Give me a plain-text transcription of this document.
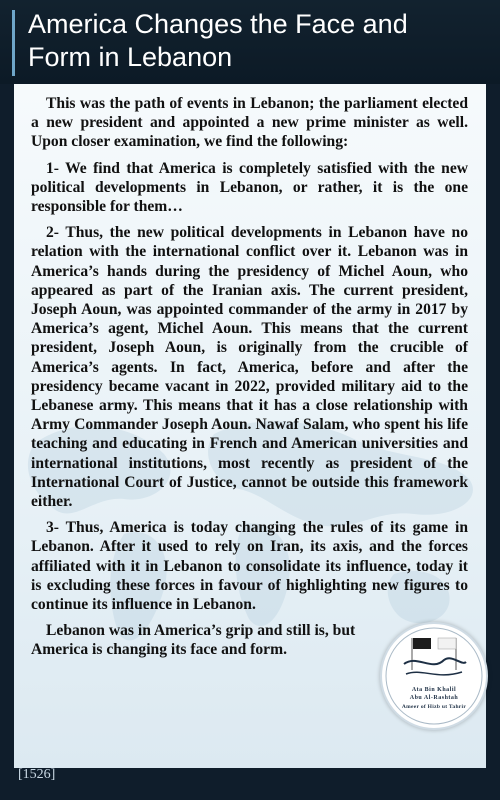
America Changes the Face and Form in Lebanon

This was the path of events in Lebanon; the parliament elected a new president and appointed a new prime minister as well. Upon closer examination, we find the following:

1- We find that America is completely satisfied with the new political developments in Lebanon, or rather, it is the one responsible for them…

2- Thus, the new political developments in Lebanon have no relation with the international conflict over it. Lebanon was in America’s hands during the presidency of Michel Aoun, who appeared as part of the Iranian axis. The current president, Joseph Aoun, was appointed commander of the army in 2017 by America’s agent, Michel Aoun. This means that the current president, Joseph Aoun, is originally from the crucible of America’s agents. In fact, America, before and after the presidency became vacant in 2022, provided military aid to the Lebanese army. This means that it has a close relationship with Army Commander Joseph Aoun. Nawaf Salam, who spent his life teaching and educating in French and American universities and international institutions, most recently as president of the International Court of Justice, cannot be outside this framework either.

3- Thus, America is today changing the rules of its game in Lebanon. After it used to rely on Iran, its axis, and the forces affiliated with it in Lebanon to consolidate its influence, today it is excluding these forces in favour of highlighting new figures to continue its influence in Lebanon.

Lebanon was in America’s grip and still is, but America is changing its face and form.

Ata Bin Khalil
Abu Al-Rashtah
Ameer of Hizb ut Tahrir
[1526]
